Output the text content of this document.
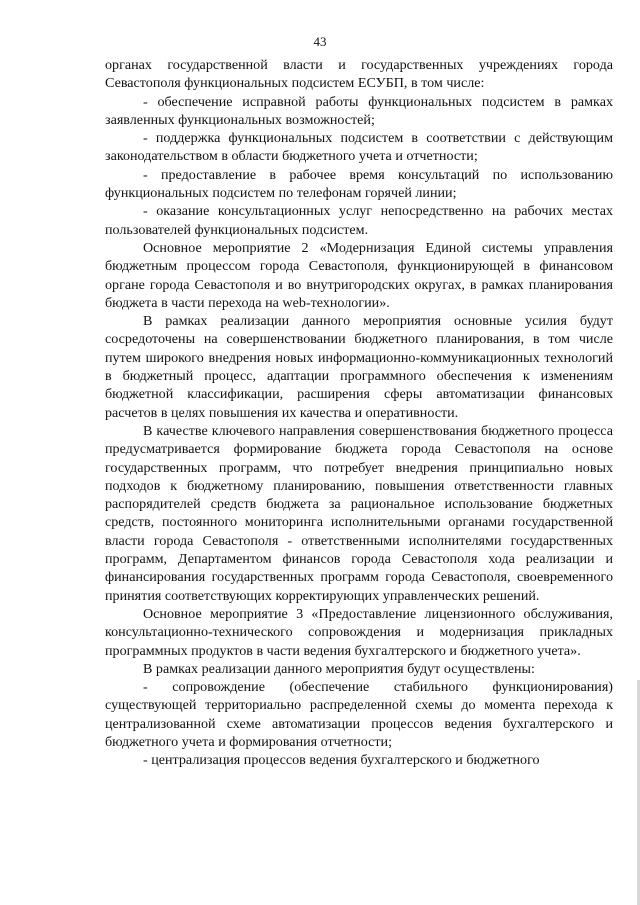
43

органах государственной власти и государственных учреждениях города Севастополя функциональных подсистем ЕСУБП, в том числе:

- обеспечение исправной работы функциональных подсистем в рамках заявленных функциональных возможностей;

- поддержка функциональных подсистем в соответствии с действующим законодательством в области бюджетного учета и отчетности;

- предоставление в рабочее время консультаций по использованию функциональных подсистем по телефонам горячей линии;

- оказание консультационных услуг непосредственно на рабочих местах пользователей функциональных подсистем.

Основное мероприятие 2 «Модернизация Единой системы управления бюджетным процессом города Севастополя, функционирующей в финансовом органе города Севастополя и во внутригородских округах, в рамках планирования бюджета в части перехода на web-технологии».

В рамках реализации данного мероприятия основные усилия будут сосредоточены на совершенствовании бюджетного планирования, в том числе путем широкого внедрения новых информационно-коммуникационных технологий в бюджетный процесс, адаптации программного обеспечения к изменениям бюджетной классификации, расширения сферы автоматизации финансовых расчетов в целях повышения их качества и оперативности.

В качестве ключевого направления совершенствования бюджетного процесса предусматривается формирование бюджета города Севастополя на основе государственных программ, что потребует внедрения принципиально новых подходов к бюджетному планированию, повышения ответственности главных распорядителей средств бюджета за рациональное использование бюджетных средств, постоянного мониторинга исполнительными органами государственной власти города Севастополя - ответственными исполнителями государственных программ, Департаментом финансов города Севастополя хода реализации и финансирования государственных программ города Севастополя, своевременного принятия соответствующих корректирующих управленческих решений.

Основное мероприятие 3 «Предоставление лицензионного обслуживания, консультационно-технического сопровождения и модернизация прикладных программных продуктов в части ведения бухгалтерского и бюджетного учета».

В рамках реализации данного мероприятия будут осуществлены:

- сопровождение (обеспечение стабильного функционирования) существующей территориально распределенной схемы до момента перехода к централизованной схеме автоматизации процессов ведения бухгалтерского и бюджетного учета и формирования отчетности;

- централизация процессов ведения бухгалтерского и бюджетного
